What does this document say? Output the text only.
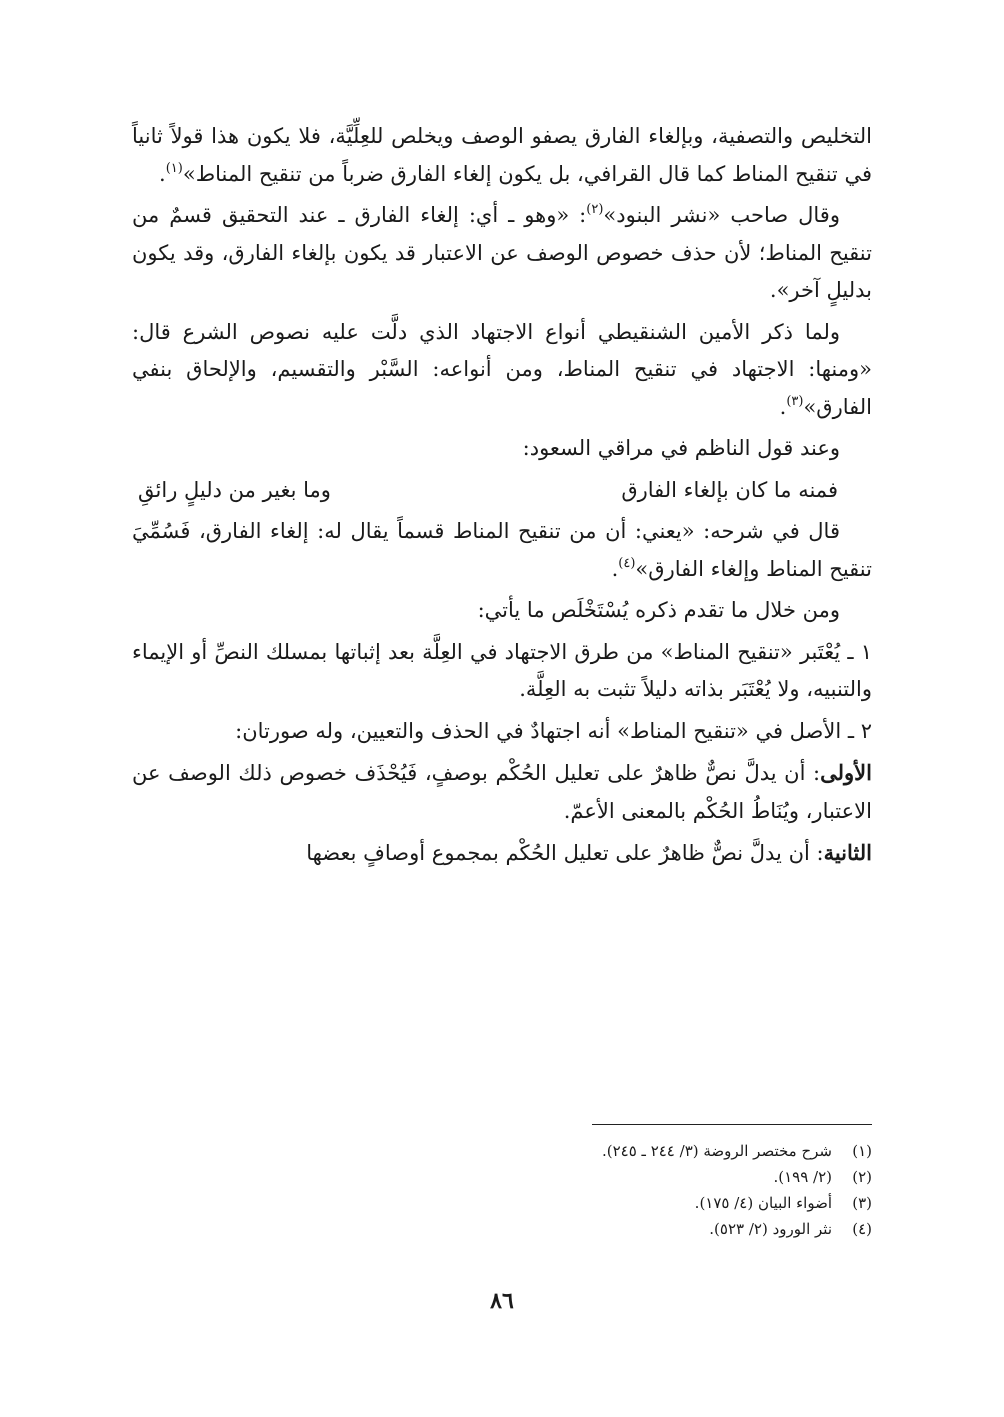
التخليص والتصفية، وبإلغاء الفارق يصفو الوصف ويخلص للعِلِّيَّة، فلا يكون هذا قولاً ثانياً في تنقيح المناط كما قال القرافي، بل يكون إلغاء الفارق ضرباً من تنقيح المناط»$^{(١)}$.

وقال صاحب «نشر البنود»$^{(٢)}$: «وهو ـ أي: إلغاء الفارق ـ عند التحقيق قسمٌ من تنقيح المناط؛ لأن حذف خصوص الوصف عن الاعتبار قد يكون بإلغاء الفارق، وقد يكون بدليلٍ آخر».

ولما ذكر الأمين الشنقيطي أنواع الاجتهاد الذي دلَّت عليه نصوص الشرع قال: «ومنها: الاجتهاد في تنقيح المناط، ومن أنواعه: السَّبْر والتقسيم، والإلحاق بنفي الفارق»$^{(٣)}$.

وعند قول الناظم في مراقي السعود:

فمنه ما كان بإلغاء الفارق
وما بغير من دليلٍ رائقِ

قال في شرحه: «يعني: أن من تنقيح المناط قسماً يقال له: إلغاء الفارق، فَسُمِّيَ تنقيح المناط وإلغاء الفارق»$^{(٤)}$.

ومن خلال ما تقدم ذكره يُسْتَخْلَص ما يأتي:

١ ـ يُعْتَبر «تنقيح المناط» من طرق الاجتهاد في العِلَّة بعد إثباتها بمسلك النصِّ أو الإيماء والتنبيه، ولا يُعْتَبَر بذاته دليلاً تثبت به العِلَّة.

٢ ـ الأصل في «تنقيح المناط» أنه اجتهادٌ في الحذف والتعيين، وله صورتان:

الأولى: أن يدلَّ نصٌّ ظاهرٌ على تعليل الحُكْم بوصفٍ، فَيُحْذَف خصوص ذلك الوصف عن الاعتبار، ويُنَاطُ الحُكْم بالمعنى الأعمّ.

الثانية: أن يدلَّ نصٌّ ظاهرٌ على تعليل الحُكْم بمجموع أوصافٍ بعضها

(١)
شرح مختصر الروضة (٣/ ٢٤٤ ـ ٢٤٥).
(٢)
(٢/ ١٩٩).
(٣)
أضواء البيان (٤/ ١٧٥).
(٤)
نثر الورود (٢/ ٥٢٣).
٨٦
